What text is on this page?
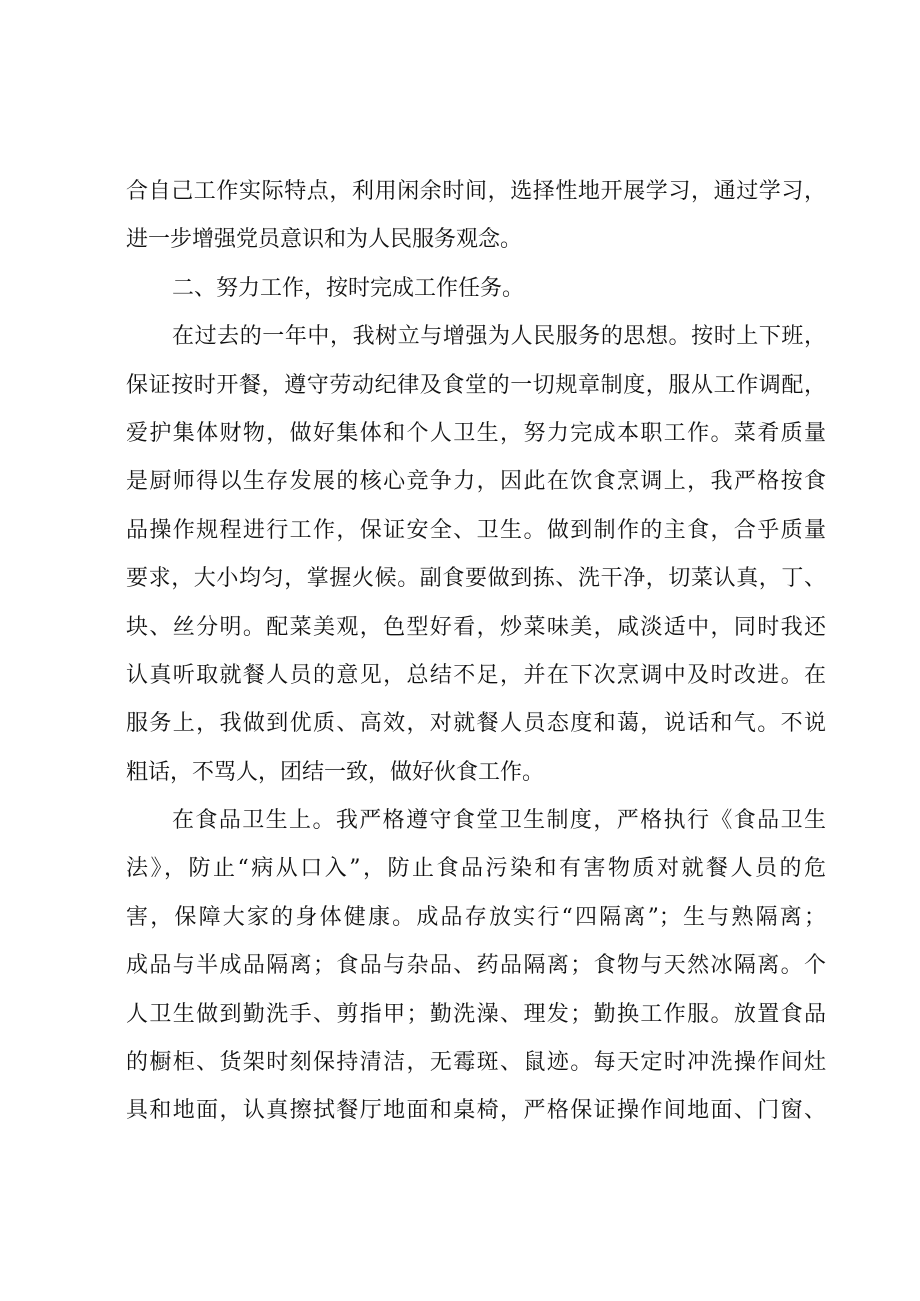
合自己工作实际特点，利用闲余时间，选择性地开展学习，通过学习，
进一步增强党员意识和为人民服务观念。
二、努力工作，按时完成工作任务。
在过去的一年中，我树立与增强为人民服务的思想。按时上下班，
保证按时开餐，遵守劳动纪律及食堂的一切规章制度，服从工作调配，
爱护集体财物，做好集体和个人卫生，努力完成本职工作。菜肴质量
是厨师得以生存发展的核心竞争力，因此在饮食烹调上，我严格按食
品操作规程进行工作，保证安全、卫生。做到制作的主食，合乎质量
要求，大小均匀，掌握火候。副食要做到拣、洗干净，切菜认真，丁、
块、丝分明。配菜美观，色型好看，炒菜味美，咸淡适中，同时我还
认真听取就餐人员的意见，总结不足，并在下次烹调中及时改进。在
服务上，我做到优质、高效，对就餐人员态度和蔼，说话和气。不说
粗话，不骂人，团结一致，做好伙食工作。
在食品卫生上。我严格遵守食堂卫生制度，严格执行《食品卫生
法》，防止“病从口入”，防止食品污染和有害物质对就餐人员的危
害，保障大家的身体健康。成品存放实行“四隔离”；生与熟隔离；
成品与半成品隔离；食品与杂品、药品隔离；食物与天然冰隔离。个
人卫生做到勤洗手、剪指甲；勤洗澡、理发；勤换工作服。放置食品
的橱柜、货架时刻保持清洁，无霉斑、鼠迹。每天定时冲洗操作间灶
具和地面，认真擦拭餐厅地面和桌椅，严格保证操作间地面、门窗、
